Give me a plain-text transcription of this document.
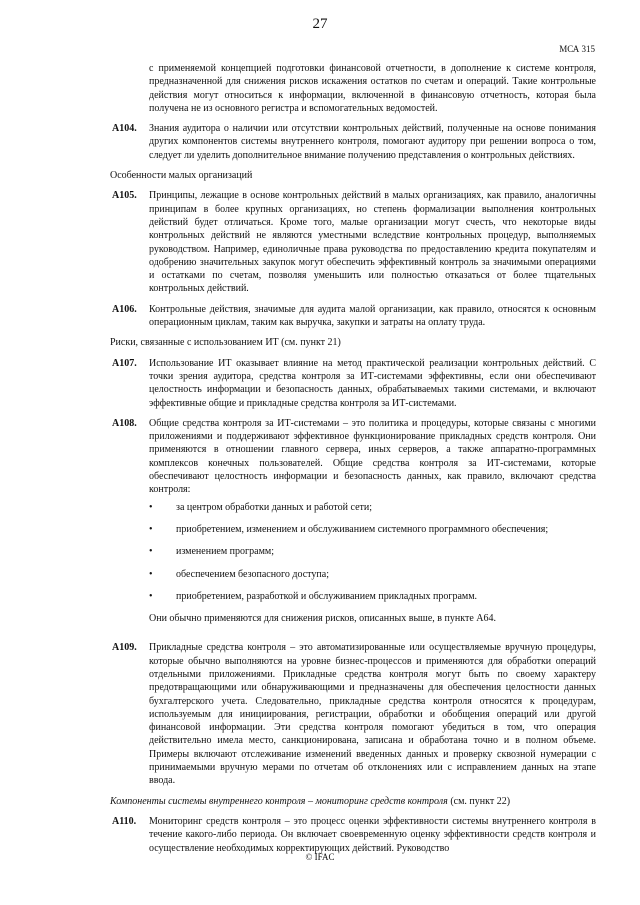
27
МСА 315
с применяемой концепцией подготовки финансовой отчетности, в дополнение к системе контроля, предназначенной для снижения рисков искажения остатков по счетам и операций. Такие контрольные действия могут относиться к информации, включенной в финансовую отчетность, которая была получена не из основного регистра и вспомогательных ведомостей.
A104.	Знания аудитора о наличии или отсутствии контрольных действий, полученные на основе понимания других компонентов системы внутреннего контроля, помогают аудитору при решении вопроса о том, следует ли уделить дополнительное внимание получению представления о контрольных действиях.
Особенности малых организаций
A105.	Принципы, лежащие в основе контрольных действий в малых организациях, как правило, аналогичны принципам в более крупных организациях, но степень формализации выполнения контрольных действий будет отличаться. Кроме того, малые организации могут счесть, что некоторые виды контрольных действий не являются уместными вследствие контрольных процедур, выполняемых руководством. Например, единоличные права руководства по предоставлению кредита покупателям и одобрению значительных закупок могут обеспечить эффективный контроль за значимыми операциями и остатками по счетам, позволяя уменьшить или полностью отказаться от более тщательных контрольных действий.
A106.	Контрольные действия, значимые для аудита малой организации, как правило, относятся к основным операционным циклам, таким как выручка, закупки и затраты на оплату труда.
Риски, связанные с использованием ИТ (см. пункт 21)
A107.	Использование ИТ оказывает влияние на метод практической реализации контрольных действий. С точки зрения аудитора, средства контроля за ИТ-системами эффективны, если они обеспечивают целостность информации и безопасность данных, обрабатываемых такими системами, и включают эффективные общие и прикладные средства контроля за ИТ-системами.
A108.	Общие средства контроля за ИТ-системами – это политика и процедуры, которые связаны с многими приложениями и поддерживают эффективное функционирование прикладных средств контроля. Они применяются в отношении главного сервера, иных серверов, а также аппаратно-программных комплексов конечных пользователей. Общие средства контроля за ИТ-системами, которые обеспечивают целостность информации и безопасность данных, как правило, включают средства контроля:
•	за центром обработки данных и работой сети;
•	приобретением, изменением и обслуживанием системного программного обеспечения;
•	изменением программ;
•	обеспечением безопасного доступа;
•	приобретением, разработкой и обслуживанием прикладных программ.
Они обычно применяются для снижения рисков, описанных выше, в пункте A64.
A109.	Прикладные средства контроля – это автоматизированные или осуществляемые вручную процедуры, которые обычно выполняются на уровне бизнес-процессов и применяются для обработки операций отдельными приложениями. Прикладные средства контроля могут быть по своему характеру предотвращающими или обнаруживающими и предназначены для обеспечения целостности данных бухгалтерского учета. Следовательно, прикладные средства контроля относятся к процедурам, используемым для инициирования, регистрации, обработки и обобщения операций или другой финансовой информации. Эти средства контроля помогают убедиться в том, что операция действительно имела место, санкционирована, записана и обработана точно и в полном объеме. Примеры включают отслеживание изменений введенных данных и проверку сквозной нумерации с принимаемыми вручную мерами по отчетам об отклонениях или с исправлением данных на этапе ввода.
Компоненты системы внутреннего контроля – мониторинг средств контроля (см. пункт 22)
A110.	Мониторинг средств контроля – это процесс оценки эффективности системы внутреннего контроля в течение какого-либо периода. Он включает своевременную оценку эффективности средств контроля и осуществление необходимых корректирующих действий. Руководство
© IFAC
